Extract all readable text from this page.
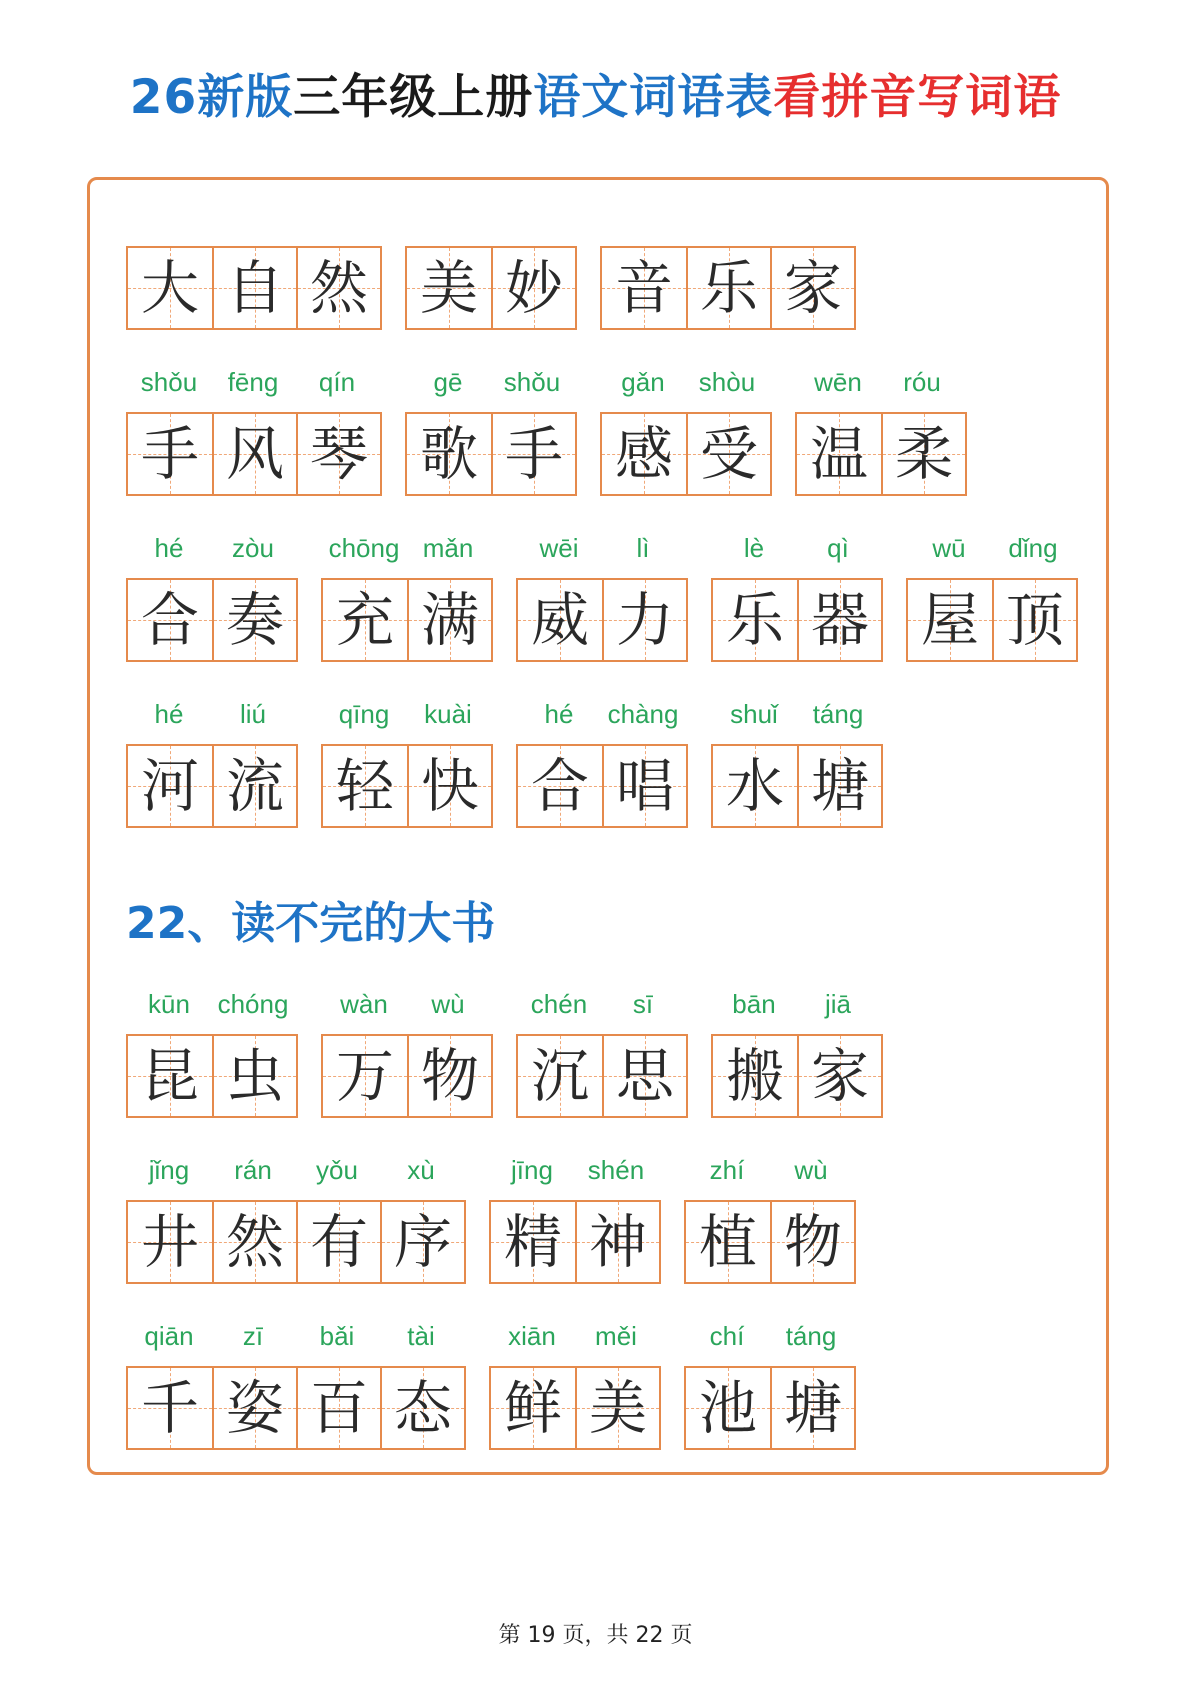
26新版三年级上册语文词语表看拼音写词语
22、读不完的大书
大 自 然 美 妙 音 乐 家
shǒu	fēng	qín
手 风 琴
gē	shǒu
歌 手
gǎn	shòu
感 受
wēn	róu
温 柔
hé	zòu
合 奏
chōng mǎn
充 满
wēi	lì
威 力
lè	qì
乐 器
wū	dǐng
屋 顶
hé	liú
河 流
qīng	kuài
轻 快
hé	chàng
合 唱
shuǐ	táng
水 塘
kūn	chóng
昆 虫
wàn	wù
万 物
chén	sī
沉 思
bān	jiā
搬 家
jǐng	rán	yǒu	xù
井 然 有 序
jīng	shén
精 神
zhí	wù
植 物
qiān	zī	bǎi	tài
千 姿 百 态
xiān	měi
鲜 美
chí	táng
池 塘
第 19 页，共 22 页
